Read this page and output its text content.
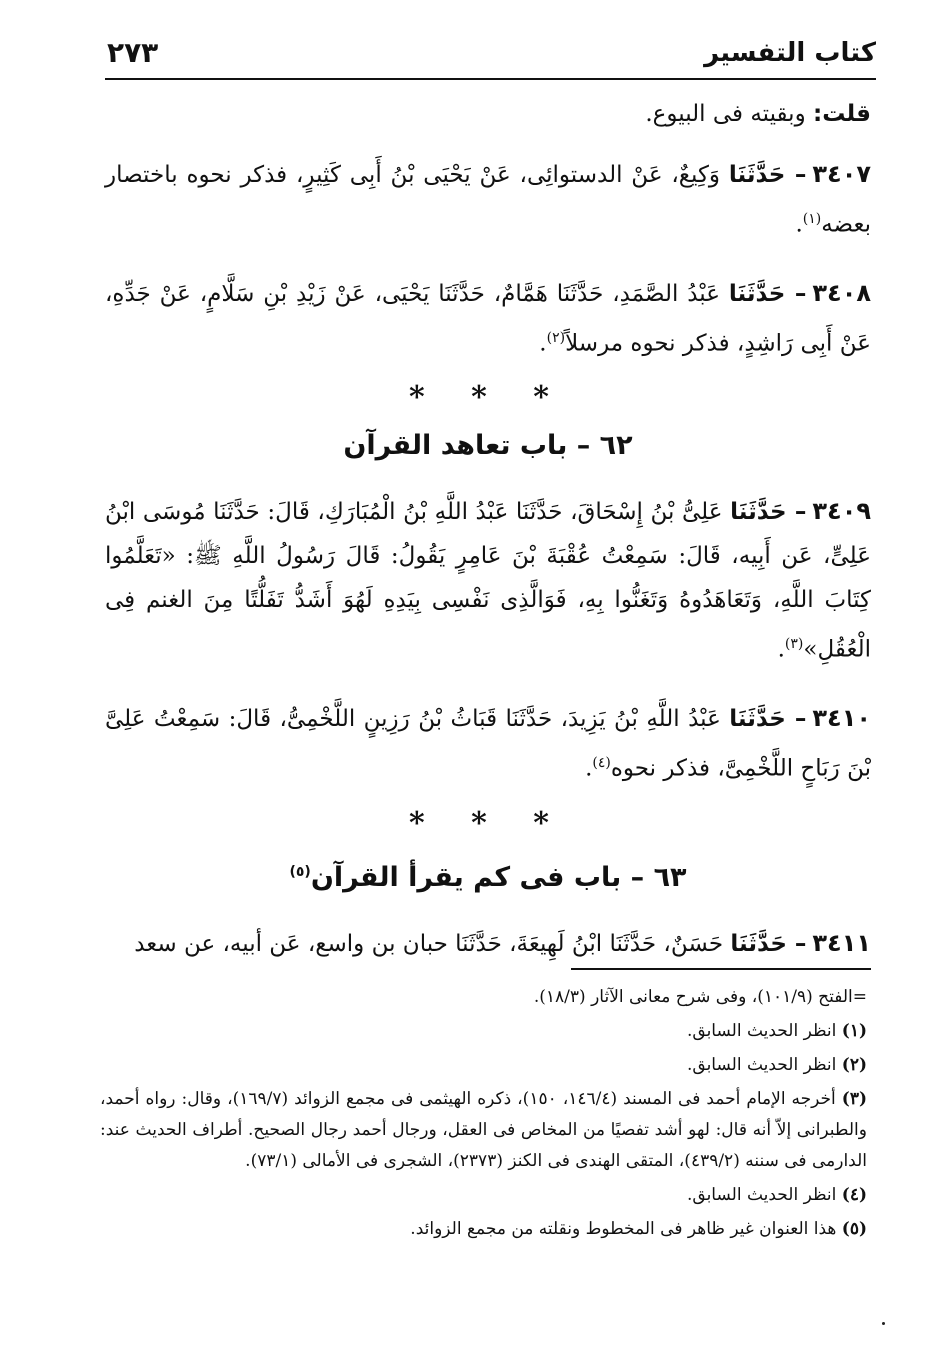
كتاب التفسير
٢٧٣

قلت: وبقيته فى البيوع.

٣٤٠٧– حَدَّثَنَا وَكِيعٌ، عَنْ الدستوائِى، عَنْ يَحْيَى بْنُ أَبِى كَثِيرٍ، فذكر نحوه باختصار بعضه$^{(١)}$.

٣٤٠٨– حَدَّثَنَا عَبْدُ الصَّمَدِ، حَدَّثَنَا هَمَّامٌ، حَدَّثَنَا يَحْيَى، عَنْ زَيْدِ بْنِ سَلَّامٍ، عَنْ جَدِّهِ، عَنْ أَبِى رَاشِدٍ، فذكر نحوه مرسلاً$^{(٢)}$.

* * *
٦٢ – باب تعاهد القرآن

٣٤٠٩– حَدَّثَنَا عَلِىُّ بْنُ إِسْحَاقَ، حَدَّثَنَا عَبْدُ اللَّهِ بْنُ الْمُبَارَكِ، قَالَ: حَدَّثَنَا مُوسَى ابْنُ عَلِىٍّ، عَن أَبِيه، قَالَ: سَمِعْتُ عُقْبَةَ بْنَ عَامِرٍ يَقُولُ: قَالَ رَسُولُ اللَّهِ ﷺ: «تَعَلَّمُوا كِتَابَ اللَّهِ، وَتَعَاهَدُوهُ وَتَغَنُّوا بِهِ، فَوَالَّذِى نَفْسِى بِيَدِهِ لَهُوَ أَشَدُّ تَفَلُّتًا مِنَ الغنم فِى الْعُقُلِ»$^{(٣)}$.

٣٤١٠– حَدَّثَنَا عَبْدُ اللَّهِ بْنُ يَزِيدَ، حَدَّثَنَا قَبَاثُ بْنُ رَزِينٍ اللَّخْمِىُّ، قَالَ: سَمِعْتُ عَلِىَّ بْنَ رَبَاحٍ اللَّخْمِىَّ، فذكر نحوه$^{(٤)}$.

* * *
٦٣ – باب فى كم يقرأ القرآن$^{(٥)}$

٣٤١١– حَدَّثَنَا حَسَنٌ، حَدَّثَنَا ابْنُ لَهِيعَةَ، حَدَّثَنَا حبان بن واسع، عَن أبيه، عن سعد

=الفتح (١٠١/٩)، وفى شرح معانى الآثار (١٨/٣).

(١) انظر الحديث السابق.

(٢) انظر الحديث السابق.

(٣) أخرجه الإمام أحمد فى المسند (١٤٦/٤، ١٥٠)، ذكره الهيثمى فى مجمع الزوائد (١٦٩/٧)، وقال: رواه أحمد، والطبرانى إلاّ أنه قال: لهو أشد تفصيًا من المخاص فى العقل، ورجال أحمد رجال الصحيح. أطراف الحديث عند: الدارمى فى سننه (٤٣٩/٢)، المتقى الهندى فى الكنز (٢٣٧٣)، الشجرى فى الأمالى (٧٣/١).

(٤) انظر الحديث السابق.

(٥) هذا العنوان غير ظاهر فى المخطوط ونقلته من مجمع الزوائد.
